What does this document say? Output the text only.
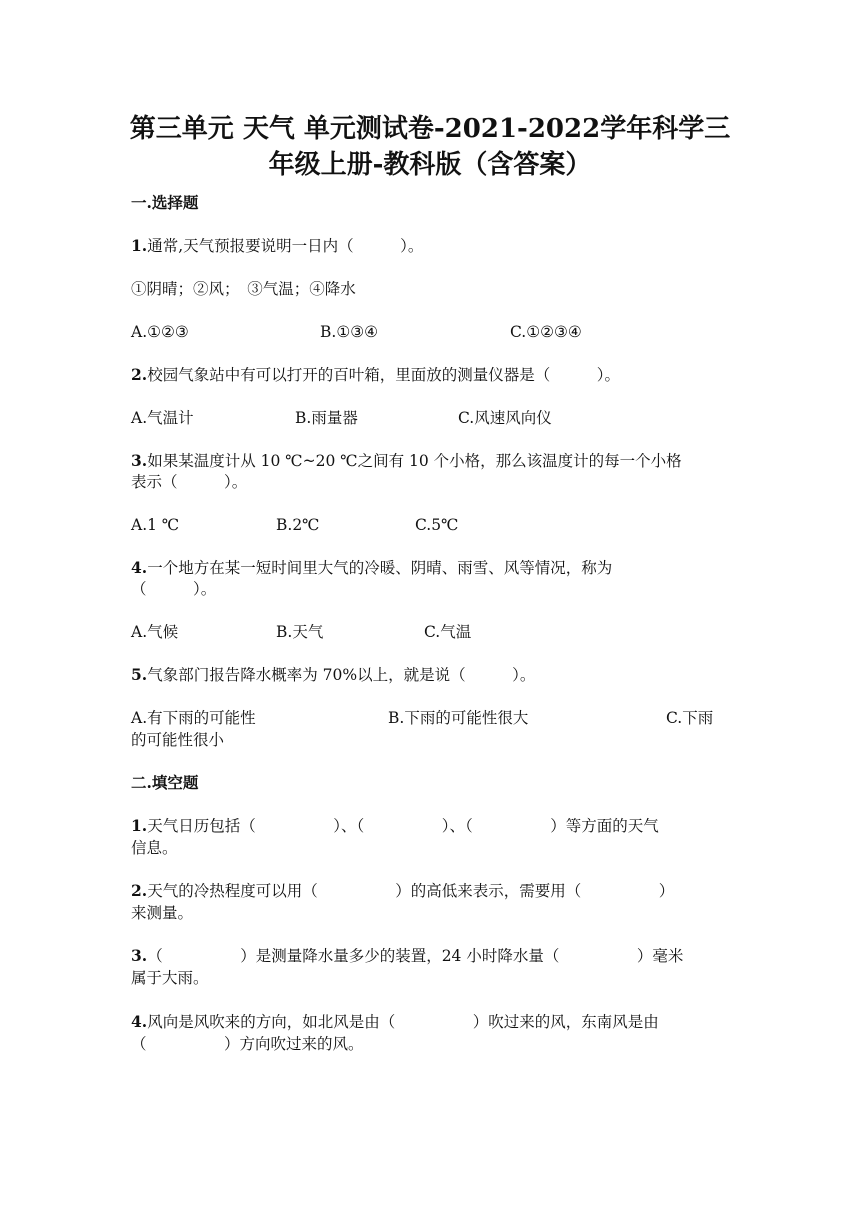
第三单元 天气 单元测试卷-2021-2022学年科学三
年级上册-教科版（含答案）
一.选择题
1.通常,天气预报要说明一日内（　　　）。
①阴晴；②风；　③气温；④降水
A.①②③	B.①③④	C.①②③④
2.校园气象站中有可以打开的百叶箱，里面放的测量仪器是（　　　）。
A.气温计	B.雨量器	C.风速风向仪
3.如果某温度计从 10 ℃~20 ℃之间有 10 个小格，那么该温度计的每一个小格
表示（　　　）。
A.1 ℃	B.2℃	C.5℃
4.一个地方在某一短时间里大气的冷暖、阴晴、雨雪、风等情况，称为
（　　　）。
A.气候	B.天气	C.气温
5.气象部门报告降水概率为 70%以上，就是说（　　　）。
A.有下雨的可能性	B.下雨的可能性很大	C.下雨
的可能性很小
二.填空题
1.天气日历包括（　　　　　）、（　　　　　）、（　　　　　）等方面的天气
信息。
2.天气的冷热程度可以用（　　　　　）的高低来表示，需要用（　　　　　）
来测量。
3.（　　　　　）是测量降水量多少的装置，24 小时降水量（　　　　　）毫米
属于大雨。
4.风向是风吹来的方向，如北风是由（　　　　　）吹过来的风，东南风是由
（　　　　　）方向吹过来的风。
